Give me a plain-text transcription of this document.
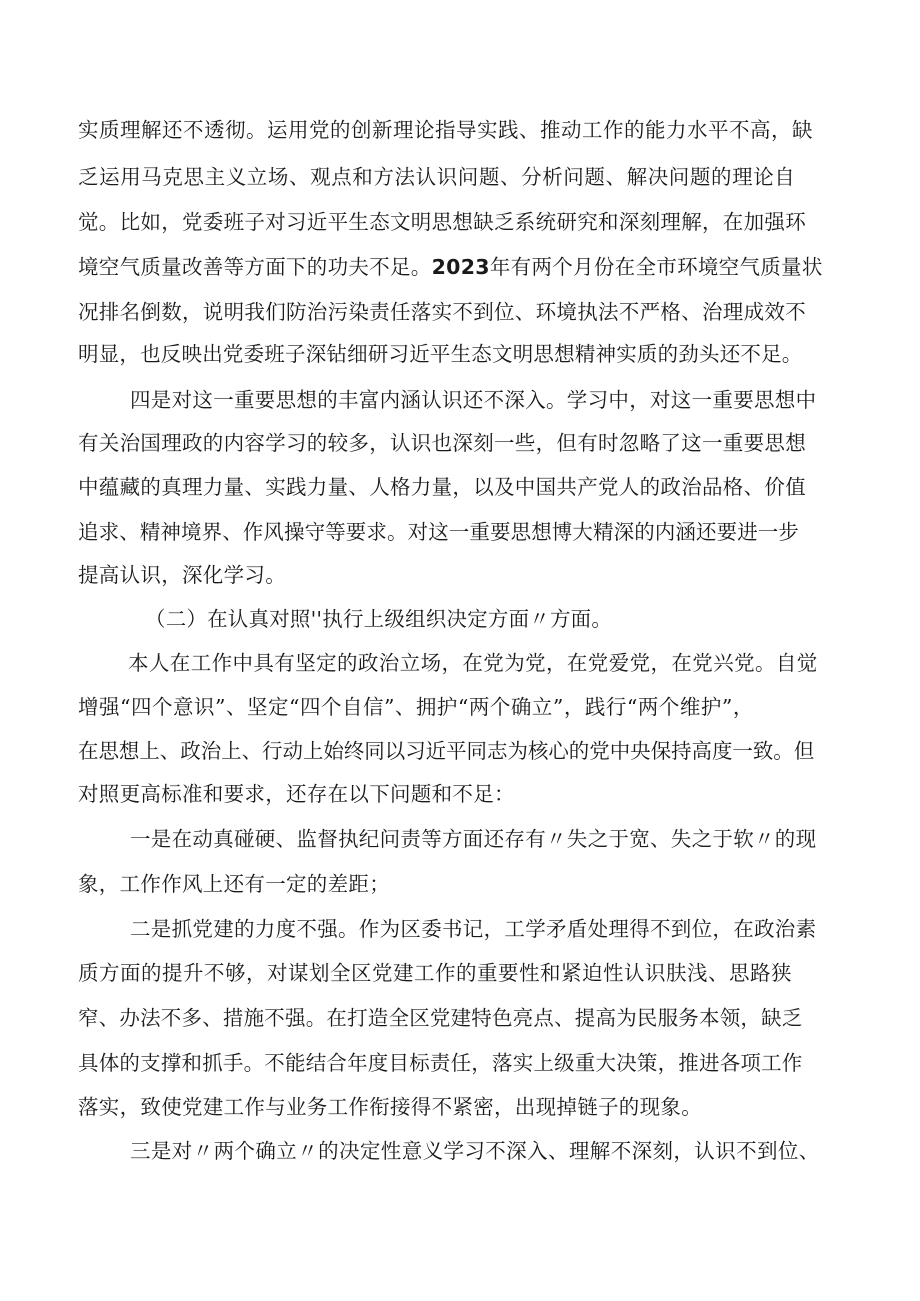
实质理解还不透彻。运用党的创新理论指导实践、推动工作的能力水平不高，缺
乏运用马克思主义立场、观点和方法认识问题、分析问题、解决问题的理论自
觉。比如，党委班子对习近平生态文明思想缺乏系统研究和深刻理解，在加强环
境空气质量改善等方面下的功夫不足。2023年有两个月份在全市环境空气质量状
况排名倒数，说明我们防治污染责任落实不到位、环境执法不严格、治理成效不
明显，也反映出党委班子深钻细研习近平生态文明思想精神实质的劲头还不足。
四是对这一重要思想的丰富内涵认识还不深入。学习中，对这一重要思想中
有关治国理政的内容学习的较多，认识也深刻一些，但有时忽略了这一重要思想
中蕴藏的真理力量、实践力量、人格力量，以及中国共产党人的政治品格、价值
追求、精神境界、作风操守等要求。对这一重要思想博大精深的内涵还要进一步
提高认识，深化学习。
（二）在认真对照''执行上级组织决定方面〃方面。
本人在工作中具有坚定的政治立场，在党为党，在党爱党，在党兴党。自觉
增强“四个意识”、坚定“四个自信”、拥护“两个确立”，践行“两个维护”，
在思想上、政治上、行动上始终同以习近平同志为核心的党中央保持高度一致。但
对照更高标准和要求，还存在以下问题和不足：
一是在动真碰硬、监督执纪问责等方面还存有〃失之于宽、失之于软〃的现
象，工作作风上还有一定的差距；
二是抓党建的力度不强。作为区委书记，工学矛盾处理得不到位，在政治素
质方面的提升不够，对谋划全区党建工作的重要性和紧迫性认识肤浅、思路狭
窄、办法不多、措施不强。在打造全区党建特色亮点、提高为民服务本领，缺乏
具体的支撑和抓手。不能结合年度目标责任，落实上级重大决策，推进各项工作
落实，致使党建工作与业务工作衔接得不紧密，出现掉链子的现象。
三是对〃两个确立〃的决定性意义学习不深入、理解不深刻，认识不到位、
